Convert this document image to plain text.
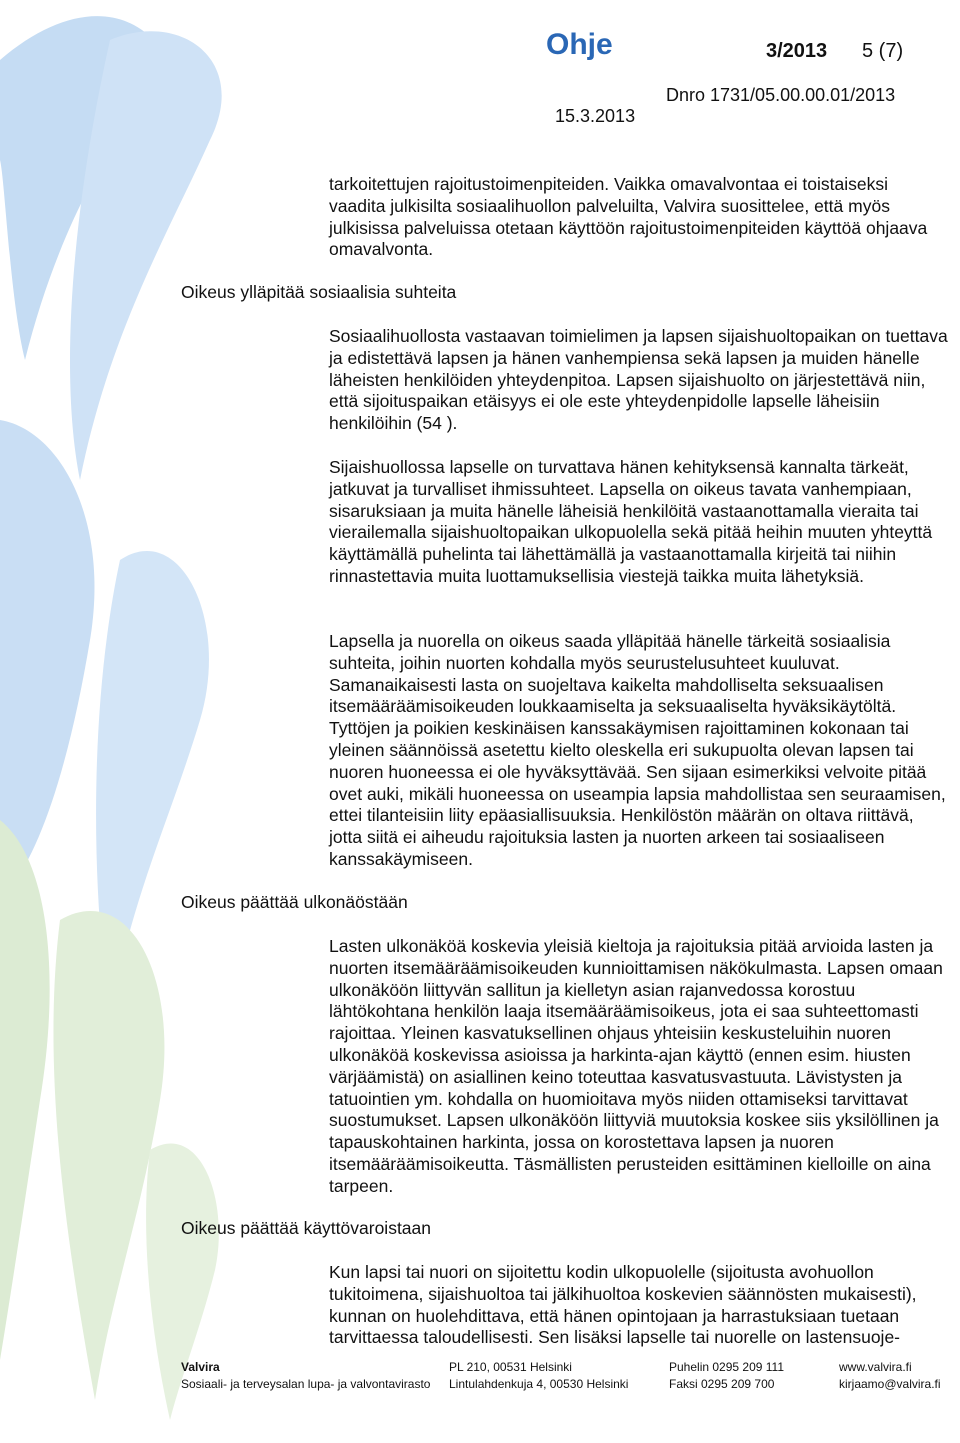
Ohje	3/2013 5 (7)
Dnro 1731/05.00.00.01/2013
15.3.2013
tarkoitettujen rajoitustoimenpiteiden. Vaikka omavalvontaa ei toistaiseksi vaadita julkisilta sosiaalihuollon palveluilta, Valvira suosittelee, että myös julkisissa palveluissa otetaan käyttöön rajoitustoimenpiteiden käyttöä ohjaava omavalvonta.
Oikeus ylläpitää sosiaalisia suhteita
Sosiaalihuollosta vastaavan toimielimen ja lapsen sijaishuoltopaikan on tuettava ja edistettävä lapsen ja hänen vanhempiensa sekä lapsen ja muiden hänelle läheisten henkilöiden yhteydenpitoa. Lapsen sijaishuolto on järjestettävä niin, että sijoituspaikan etäisyys ei ole este yhteydenpidolle lapselle läheisiin henkilöihin (54 ).
Sijaishuollossa lapselle on turvattava hänen kehityksensä kannalta tärkeät, jatkuvat ja turvalliset ihmissuhteet. Lapsella on oikeus tavata vanhempiaan, sisaruksiaan ja muita hänelle läheisiä henkilöitä vastaanottamalla vieraita tai vierailemalla sijaishuoltopaikan ulkopuolella sekä pitää heihin muuten yhteyttä käyttämällä puhelinta tai lähettämällä ja vastaanottamalla kirjeitä tai niihin rinnastettavia muita luottamuksellisia viestejä taikka muita lähetyksiä.
Lapsella ja nuorella on oikeus saada ylläpitää hänelle tärkeitä sosiaalisia suhteita, joihin nuorten kohdalla myös seurustelusuhteet kuuluvat. Samanaikaisesti lasta on suojeltava kaikelta mahdolliselta seksuaalisen itsemääräämisoikeuden loukkaamiselta ja seksuaaliselta hyväksikäytöltä. Tyttöjen ja poikien keskinäisen kanssakäymisen rajoittaminen kokonaan tai yleinen säännöissä asetettu kielto oleskella eri sukupuolta olevan lapsen tai nuoren huoneessa ei ole hyväksyttävää. Sen sijaan esimerkiksi velvoite pitää ovet auki, mikäli huoneessa on useampia lapsia mahdollistaa sen seuraamisen, ettei tilanteisiin liity epäasiallisuuksia. Henkilöstön määrän on oltava riittävä, jotta siitä ei aiheudu rajoituksia lasten ja nuorten arkeen tai sosiaaliseen kanssakäymiseen.
Oikeus päättää ulkonäöstään
Lasten ulkonäköä koskevia yleisiä kieltoja ja rajoituksia pitää arvioida lasten ja nuorten itsemääräämisoikeuden kunnioittamisen näkökulmasta. Lapsen omaan ulkonäköön liittyvän sallitun ja kielletyn asian rajanvedossa korostuu lähtökohtana henkilön laaja itsemääräämisoikeus, jota ei saa suhteettomasti rajoittaa. Yleinen kasvatuksellinen ohjaus yhteisiin keskusteluihin nuoren ulkonäköä koskevissa asioissa ja harkinta-ajan käyttö (ennen esim. hiusten värjäämistä) on asiallinen keino toteuttaa kasvatusvastuuta. Lävistysten ja tatuointien ym. kohdalla on huomioitava myös niiden ottamiseksi tarvittavat suostumukset. Lapsen ulkonäköön liittyviä muutoksia koskee siis yksilöllinen ja tapauskohtainen harkinta, jossa on korostettava lapsen ja nuoren itsemääräämisoikeutta. Täsmällisten perusteiden esittäminen kielloille on aina tarpeen.
Oikeus päättää käyttövaroistaan
Kun lapsi tai nuori on sijoitettu kodin ulkopuolelle (sijoitusta avohuollon tukitoimena, sijaishuoltoa tai jälkihuoltoa koskevien säännösten mukaisesti), kunnan on huolehdittava, että hänen opintojaan ja harrastuksiaan tuetaan tarvittaessa taloudellisesti. Sen lisäksi lapselle tai nuorelle on lastensuoje-
Valvira
Sosiaali- ja terveysalan lupa- ja valvontavirasto
PL 210, 00531 Helsinki
Lintulahdenkuja 4, 00530 Helsinki
Puhelin 0295 209 111
Faksi 0295 209 700
www.valvira.fi
kirjaamo@valvira.fi
